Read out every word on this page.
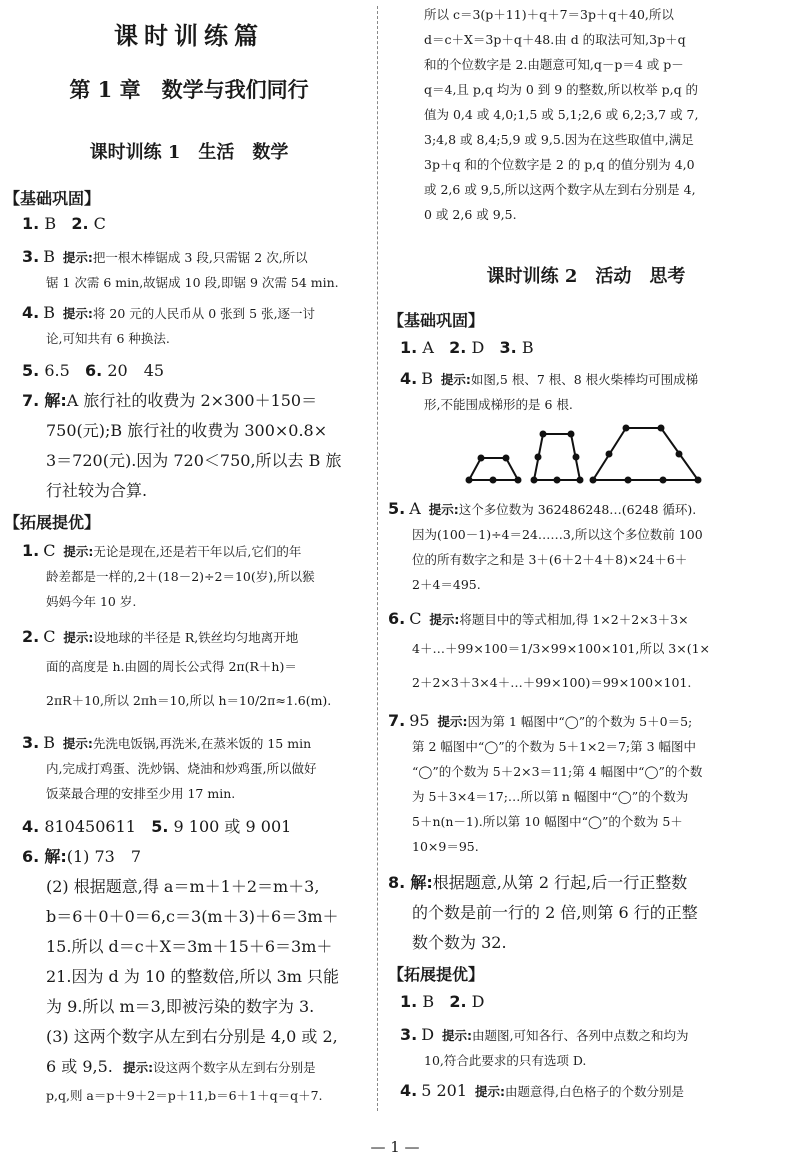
课时训练篇
第 1 章　数学与我们同行
课时训练 1　生活　数学
【基础巩固】
1. B 2. C
3. B 提示:把一根木棒锯成 3 段,只需锯 2 次,所以
锯 1 次需 6 min,故锯成 10 段,即锯 9 次需 54 min.
4. B 提示:将 20 元的人民币从 0 张到 5 张,逐一讨
论,可知共有 6 种换法.
5. 6.5 6. 20　45
7. 解:A 旅行社的收费为 2×300＋150＝
750(元);B 旅行社的收费为 300×0.8×
3＝720(元).因为 720＜750,所以去 B 旅
行社较为合算.
【拓展提优】
1. C 提示:无论是现在,还是若干年以后,它们的年
龄差都是一样的,2＋(18－2)÷2＝10(岁),所以猴
妈妈今年 10 岁.
2. C 提示:设地球的半径是 R,铁丝均匀地离开地
面的高度是 h.由圆的周长公式得 2π(R＋h)＝
2πR＋10,所以 2πh＝10,所以 h＝10/2π≈1.6(m).
3. B 提示:先洗电饭锅,再洗米,在蒸米饭的 15 min
内,完成打鸡蛋、洗炒锅、烧油和炒鸡蛋,所以做好
饭菜最合理的安排至少用 17 min.
4. 810450611 5. 9 100 或 9 001
6. 解:(1) 73　7
(2) 根据题意,得 a＝m＋1＋2＝m＋3,
b＝6＋0＋0＝6,c＝3(m＋3)＋6＝3m＋
15.所以 d＝c＋X＝3m＋15＋6＝3m＋
21.因为 d 为 10 的整数倍,所以 3m 只能
为 9.所以 m＝3,即被污染的数字为 3.
(3) 这两个数字从左到右分别是 4,0 或 2,
6 或 9,5. 提示:设这两个数字从左到右分别是
p,q,则 a＝p＋9＋2＝p＋11,b＝6＋1＋q＝q＋7.
所以 c＝3(p＋11)＋q＋7＝3p＋q＋40,所以
d＝c＋X＝3p＋q＋48.由 d 的取法可知,3p＋q
和的个位数字是 2.由题意可知,q－p＝4 或 p－
q＝4,且 p,q 均为 0 到 9 的整数,所以枚举 p,q 的
值为 0,4 或 4,0;1,5 或 5,1;2,6 或 6,2;3,7 或 7,
3;4,8 或 8,4;5,9 或 9,5.因为在这些取值中,满足
3p＋q 和的个位数字是 2 的 p,q 的值分别为 4,0
或 2,6 或 9,5,所以这两个数字从左到右分别是 4,
0 或 2,6 或 9,5.
课时训练 2　活动　思考
【基础巩固】
1. A 2. D 3. B
4. B 提示:如图,5 根、7 根、8 根火柴棒均可围成梯
形,不能围成梯形的是 6 根.
5. A 提示:这个多位数为 362486248…(6248 循环).
因为(100－1)÷4＝24……3,所以这个多位数前 100
位的所有数字之和是 3＋(6＋2＋4＋8)×24＋6＋
2＋4＝495.
6. C 提示:将题目中的等式相加,得 1×2＋2×3＋3×
4＋…＋99×100＝1/3×99×100×101,所以 3×(1×
2＋2×3＋3×4＋…＋99×100)＝99×100×101.
7. 95 提示:因为第 1 幅图中“◯”的个数为 5＋0＝5;
第 2 幅图中“◯”的个数为 5＋1×2＝7;第 3 幅图中
“◯”的个数为 5＋2×3＝11;第 4 幅图中“◯”的个数
为 5＋3×4＝17;…所以第 n 幅图中“◯”的个数为
5＋n(n－1).所以第 10 幅图中“◯”的个数为 5＋
10×9＝95.
8. 解:根据题意,从第 2 行起,后一行正整数
的个数是前一行的 2 倍,则第 6 行的正整
数个数为 32.
【拓展提优】
1. B 2. D
3. D 提示:由题图,可知各行、各列中点数之和均为
10,符合此要求的只有选项 D.
4. 5 201 提示:由题意得,白色格子的个数分别是
— 1 —
